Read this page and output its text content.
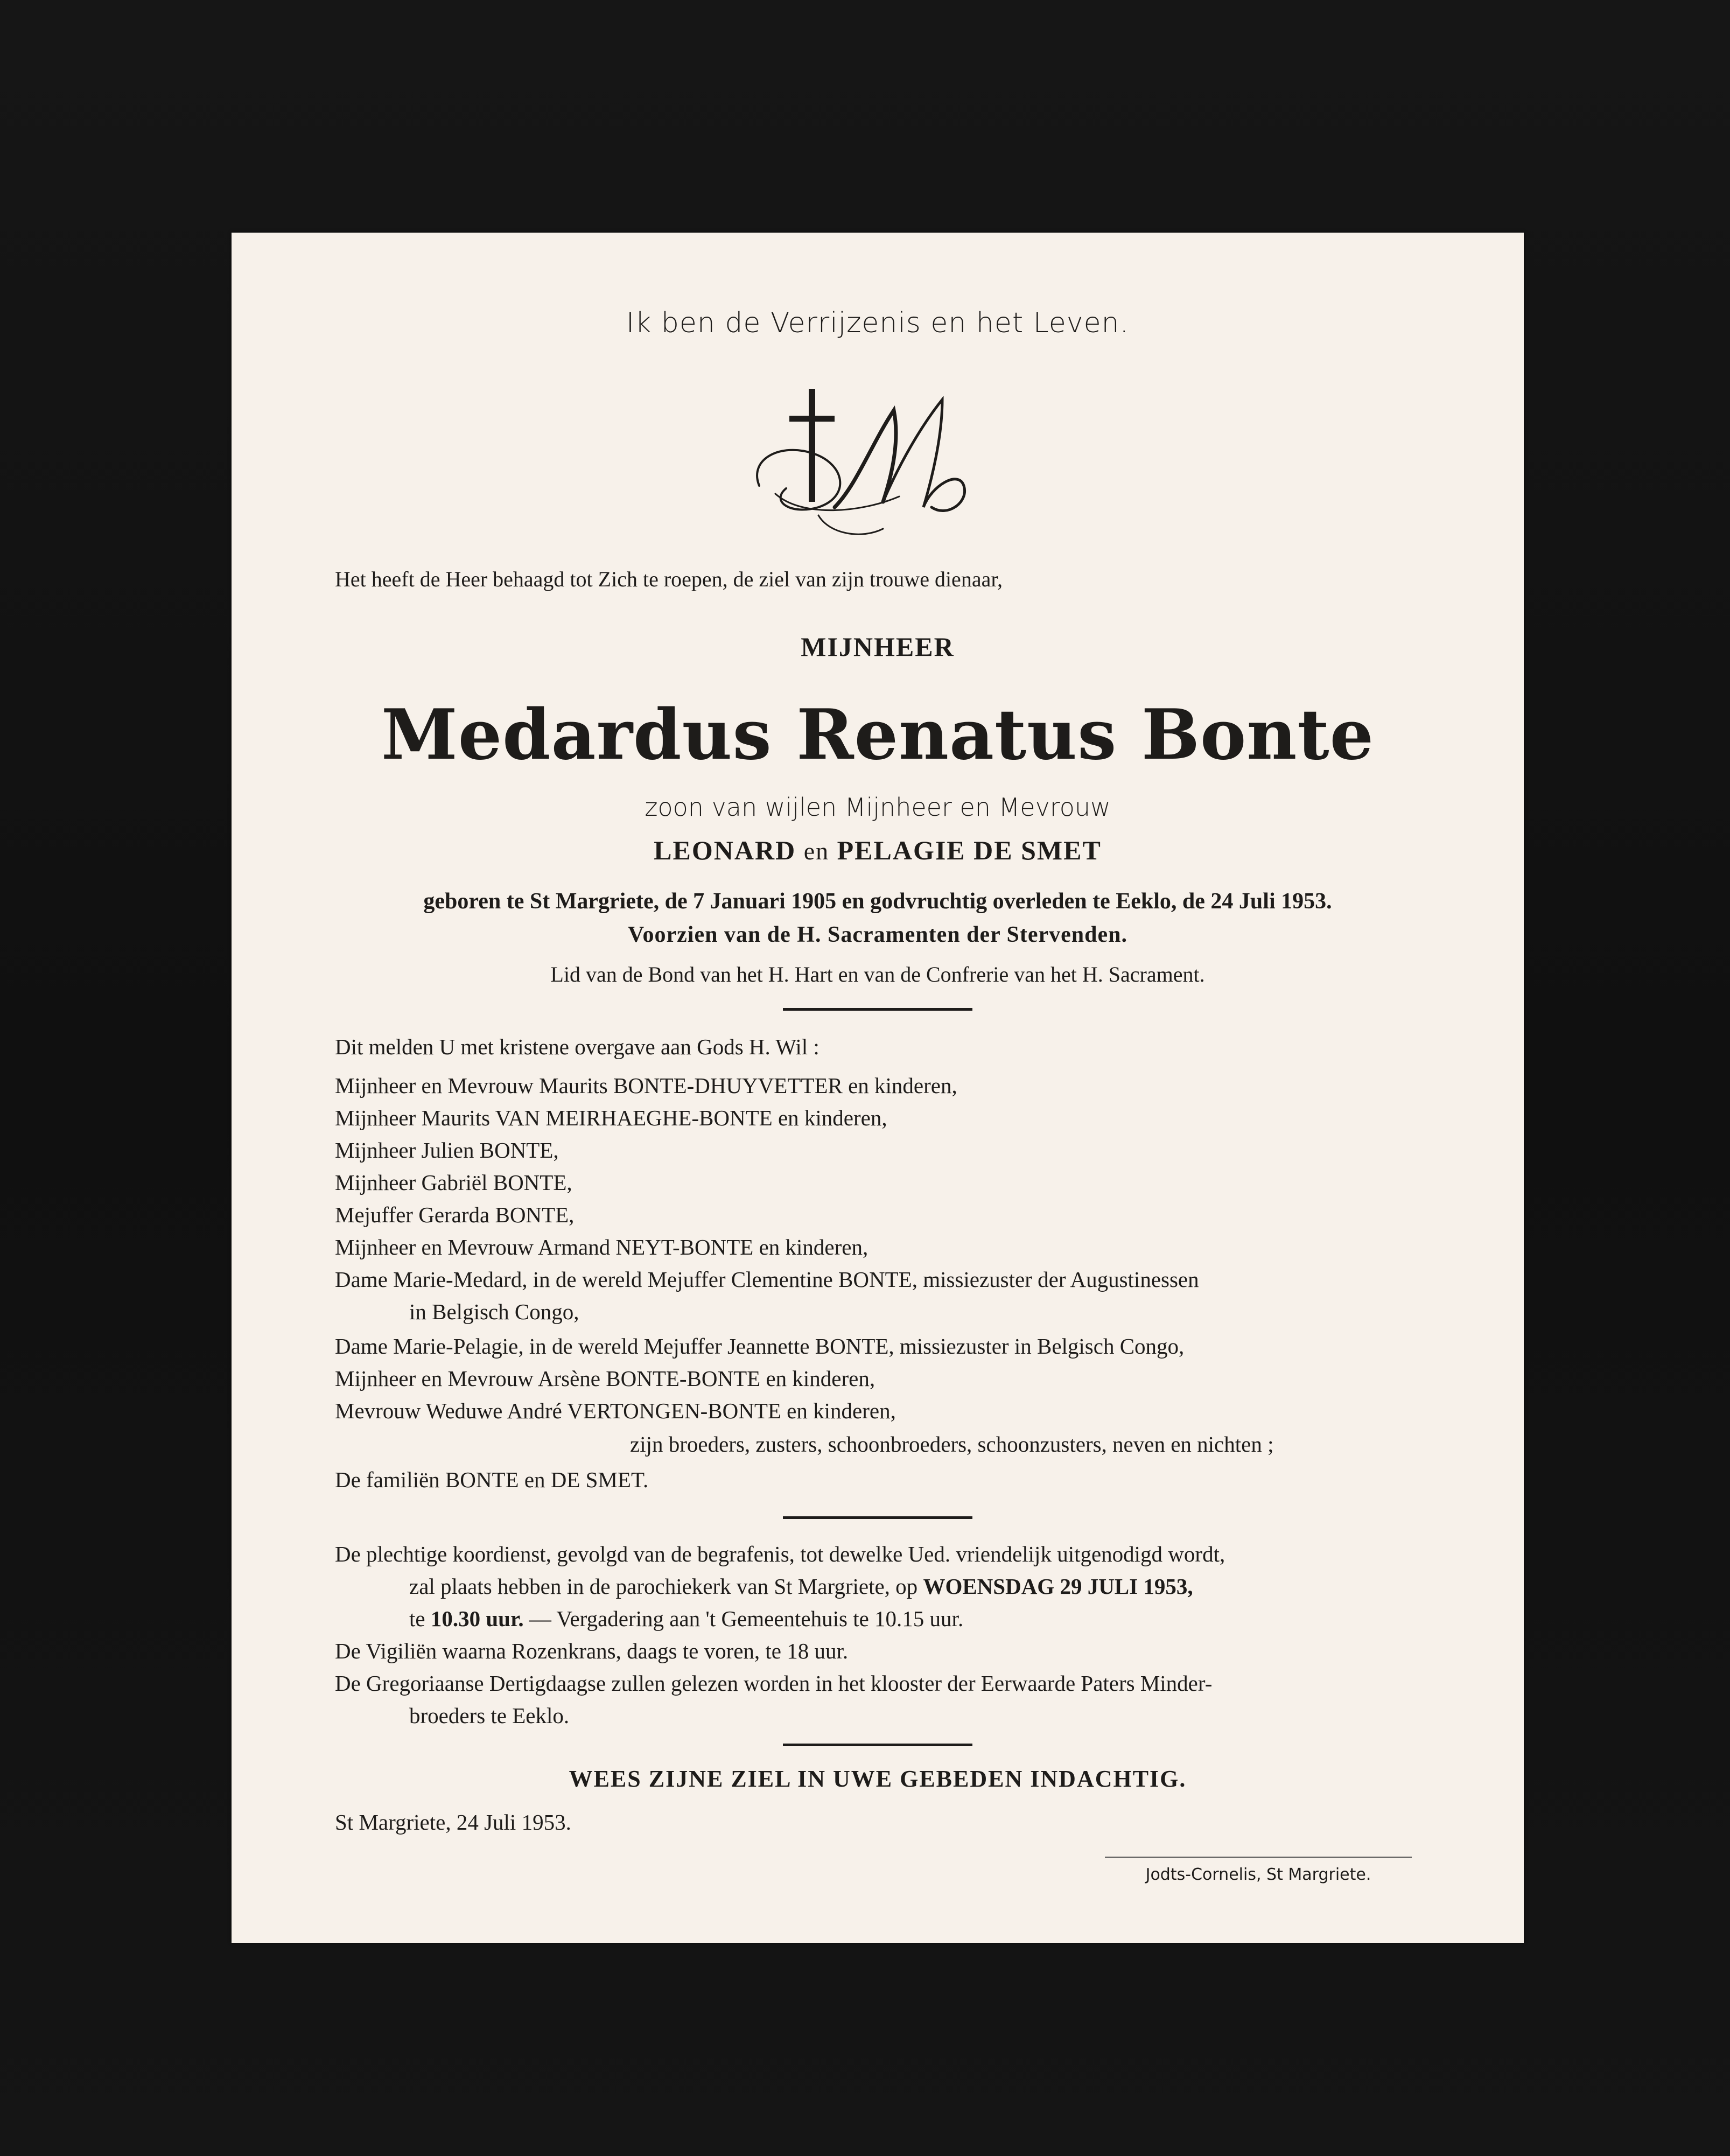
Ik ben de Verrijzenis en het Leven.
Het heeft de Heer behaagd tot Zich te roepen, de ziel van zijn trouwe dienaar,
MIJNHEER
Medardus Renatus Bonte
zoon van wijlen Mijnheer en Mevrouw
LEONARD en PELAGIE DE SMET
geboren te St Margriete, de 7 Januari 1905 en godvruchtig overleden te Eeklo, de 24 Juli 1953.
Voorzien van de H. Sacramenten der Stervenden.
Lid van de Bond van het H. Hart en van de Confrerie van het H. Sacrament.
Dit melden U met kristene overgave aan Gods H. Wil :
Mijnheer en Mevrouw Maurits BONTE-DHUYVETTER en kinderen,
Mijnheer Maurits VAN MEIRHAEGHE-BONTE en kinderen,
Mijnheer Julien BONTE,
Mijnheer Gabriël BONTE,
Mejuffer Gerarda BONTE,
Mijnheer en Mevrouw Armand NEYT-BONTE en kinderen,
Dame Marie-Medard, in de wereld Mejuffer Clementine BONTE, missiezuster der Augustinessen
in Belgisch Congo,
Dame Marie-Pelagie, in de wereld Mejuffer Jeannette BONTE, missiezuster in Belgisch Congo,
Mijnheer en Mevrouw Arsène BONTE-BONTE en kinderen,
Mevrouw Weduwe André VERTONGEN-BONTE en kinderen,
zijn broeders, zusters, schoonbroeders, schoonzusters, neven en nichten ;
De familiën BONTE en DE SMET.
De plechtige koordienst, gevolgd van de begrafenis, tot dewelke Ued. vriendelijk uitgenodigd wordt,
zal plaats hebben in de parochiekerk van St Margriete, op WOENSDAG 29 JULI 1953,
te 10.30 uur. — Vergadering aan 't Gemeentehuis te 10.15 uur.
De Vigiliën waarna Rozenkrans, daags te voren, te 18 uur.
De Gregoriaanse Dertigdaagse zullen gelezen worden in het klooster der Eerwaarde Paters Minder-
broeders te Eeklo.
WEES ZIJNE ZIEL IN UWE GEBEDEN INDACHTIG.
St Margriete, 24 Juli 1953.
Jodts-Cornelis, St Margriete.
